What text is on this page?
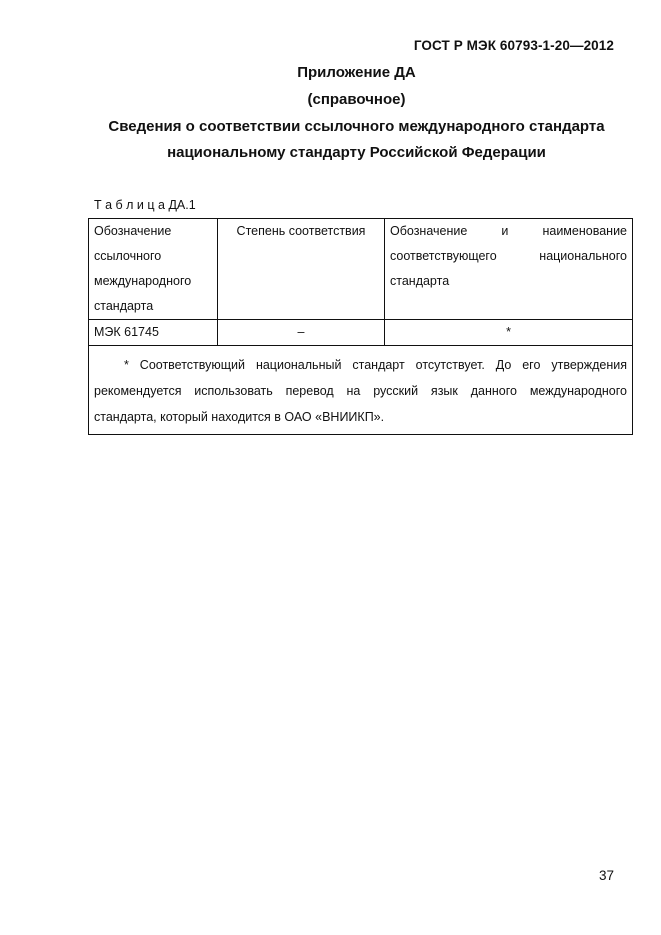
ГОСТ Р МЭК 60793-1-20—2012
Приложение ДА
(справочное)
Сведения о соответствии ссылочного международного стандарта
национальному стандарту Российской Федерации
Т а б л и ц а ДА.1
Обозначение ссылочного международного стандарта	Степень соответствия	Обозначение и наименование соответствующего национального стандарта
МЭК 61745	–	*
* Соответствующий национальный стандарт отсутствует. До его утверждения рекомендуется использовать перевод на русский язык данного международного стандарта, который находится в ОАО «ВНИИКП».		
37
